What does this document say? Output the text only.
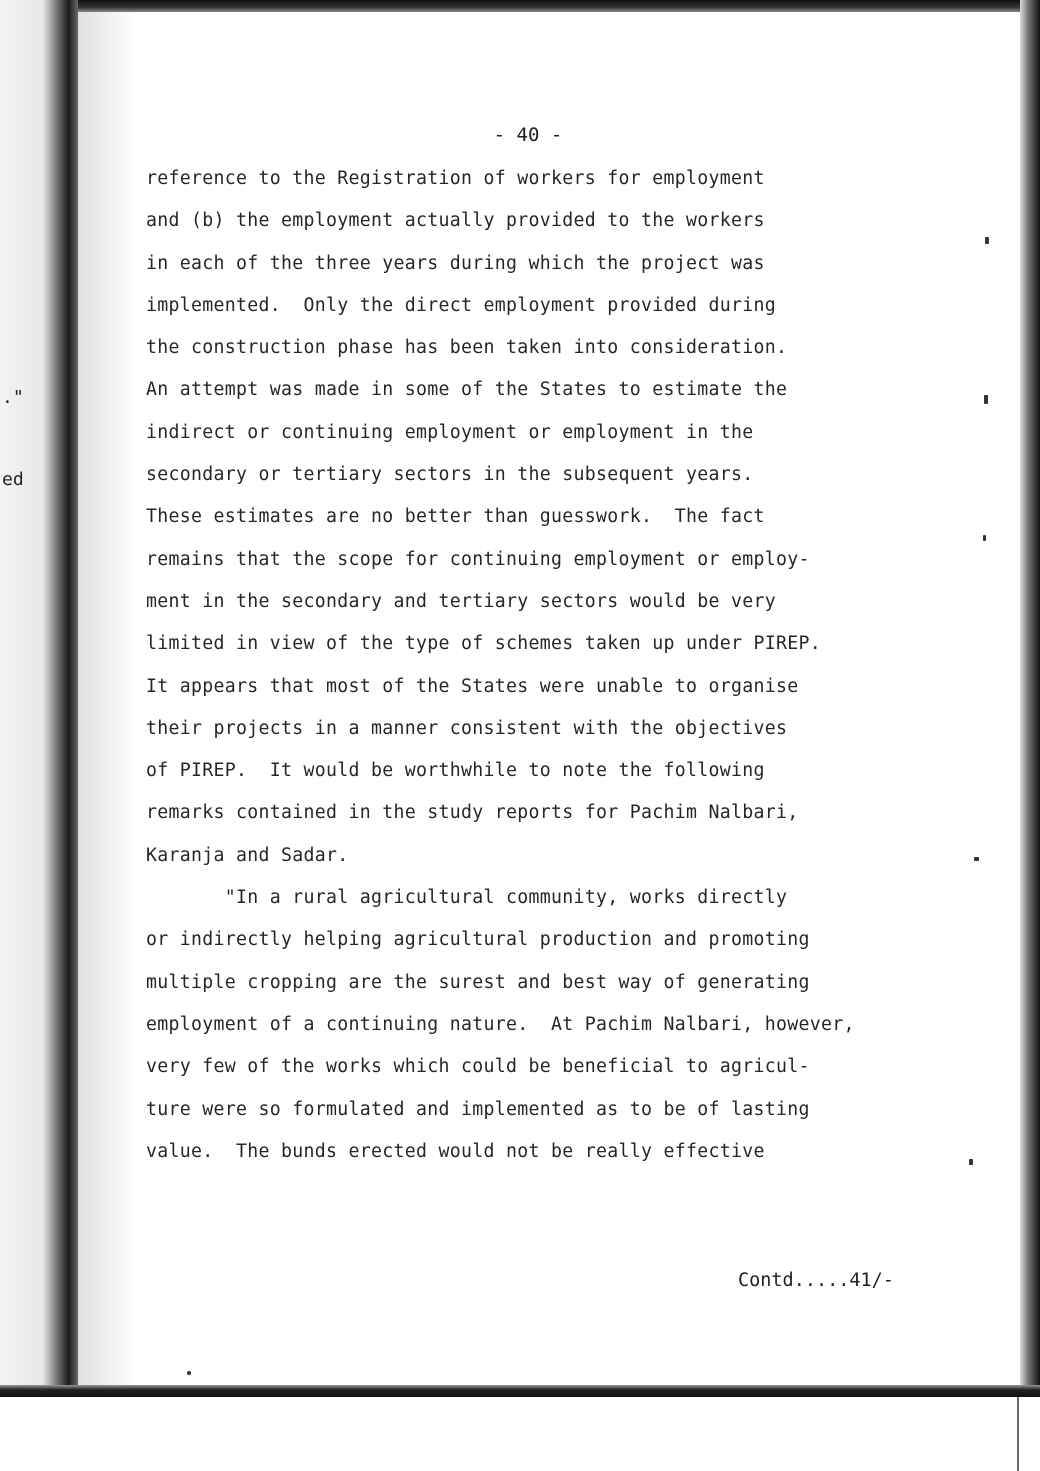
."
ed
- 40 -
reference to the Registration of workers for employment
and (b) the employment actually provided to the workers
in each of the three years during which the project was
implemented.  Only the direct employment provided during
the construction phase has been taken into consideration.
An attempt was made in some of the States to estimate the
indirect or continuing employment or employment in the
secondary or tertiary sectors in the subsequent years.
These estimates are no better than guesswork.  The fact
remains that the scope for continuing employment or employ-
ment in the secondary and tertiary sectors would be very
limited in view of the type of schemes taken up under PIREP.
It appears that most of the States were unable to organise
their projects in a manner consistent with the objectives
of PIREP.  It would be worthwhile to note the following
remarks contained in the study reports for Pachim Nalbari,
Karanja and Sadar.
"In a rural agricultural community, works directly
or indirectly helping agricultural production and promoting
multiple cropping are the surest and best way of generating
employment of a continuing nature.  At Pachim Nalbari, however,
very few of the works which could be beneficial to agricul-
ture were so formulated and implemented as to be of lasting
value.  The bunds erected would not be really effective
Contd.....41/-
